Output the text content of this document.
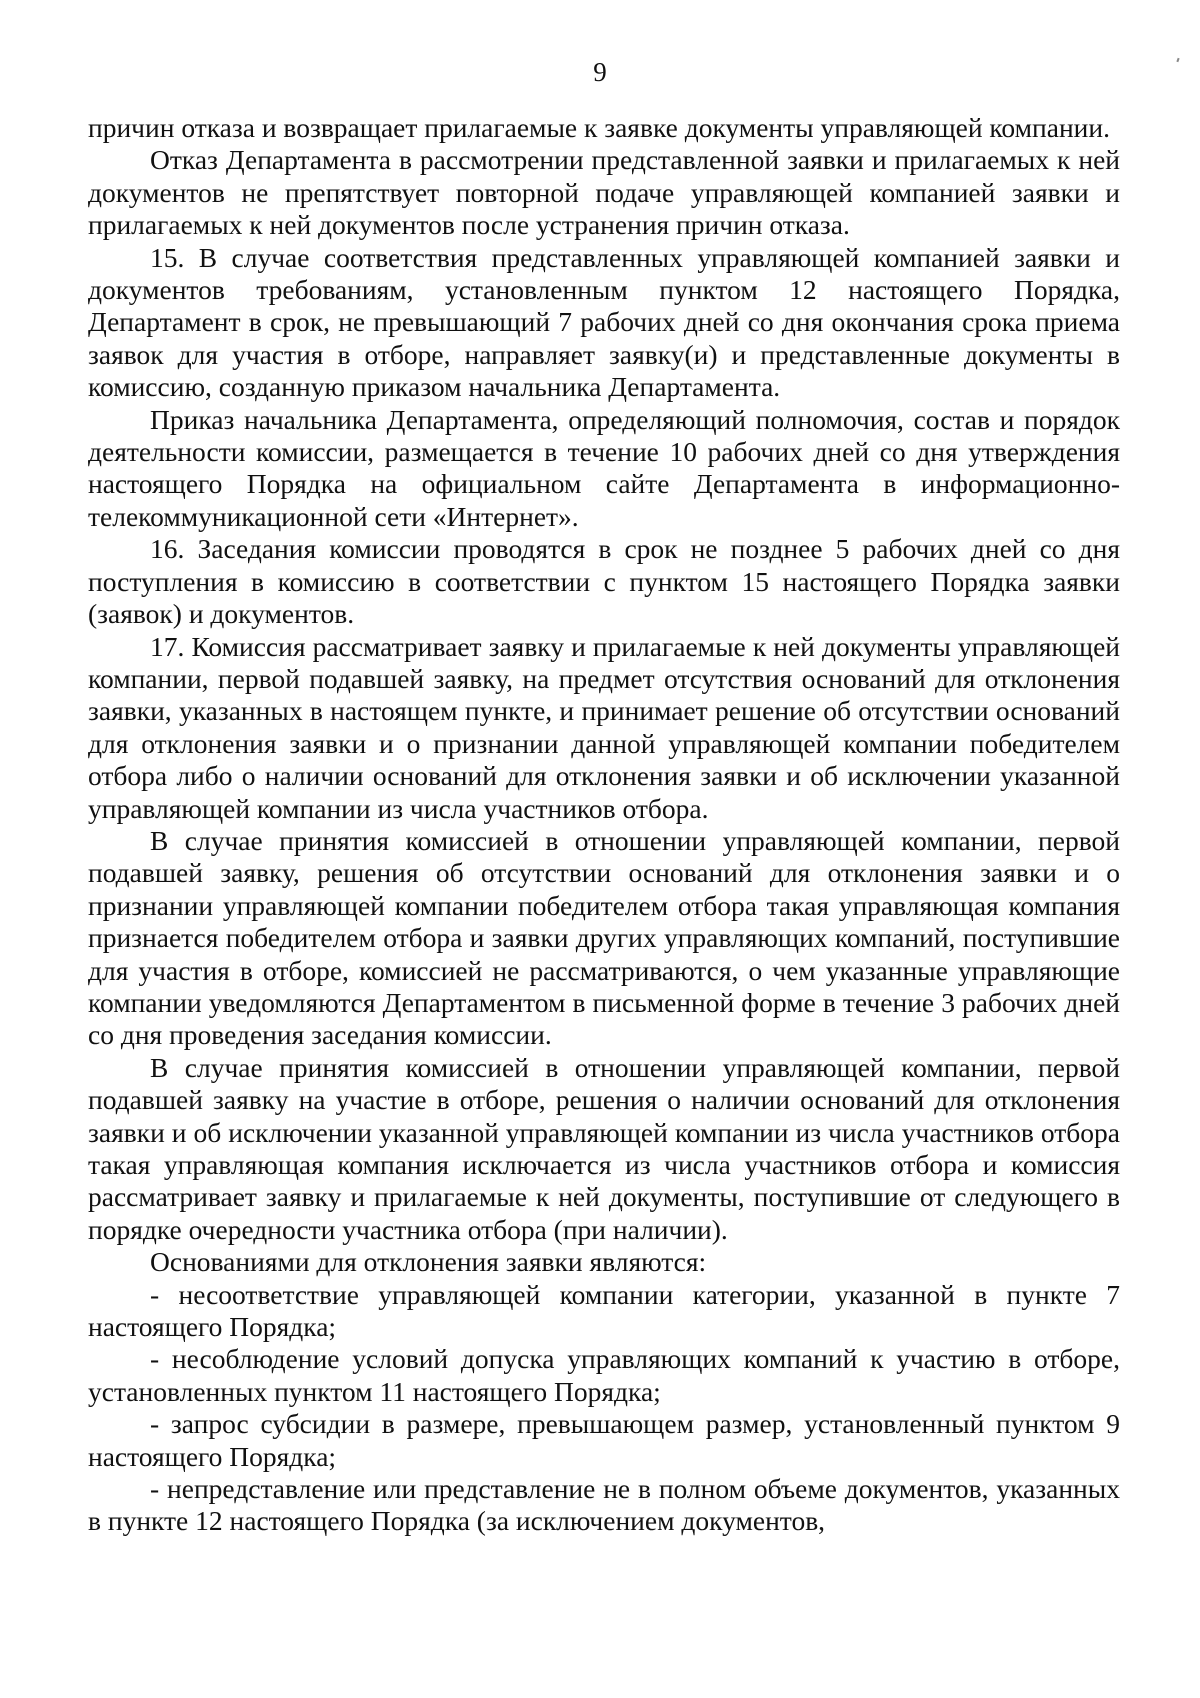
9

причин отказа и возвращает прилагаемые к заявке документы управляющей компании.

Отказ Департамента в рассмотрении представленной заявки и прилагаемых к ней документов не препятствует повторной подаче управляющей компанией заявки и прилагаемых к ней документов после устранения причин отказа.

15. В случае соответствия представленных управляющей компанией заявки и документов требованиям, установленным пунктом 12 настоящего Порядка, Департамент в срок, не превышающий 7 рабочих дней со дня окончания срока приема заявок для участия в отборе, направляет заявку(и) и представленные документы в комиссию, созданную приказом начальника Департамента.

Приказ начальника Департамента, определяющий полномочия, состав и порядок деятельности комиссии, размещается в течение 10 рабочих дней со дня утверждения настоящего Порядка на официальном сайте Департамента в информационно-телекоммуникационной сети «Интернет».

16. Заседания комиссии проводятся в срок не позднее 5 рабочих дней со дня поступления в комиссию в соответствии с пунктом 15 настоящего Порядка заявки (заявок) и документов.

17. Комиссия рассматривает заявку и прилагаемые к ней документы управляющей компании, первой подавшей заявку, на предмет отсутствия оснований для отклонения заявки, указанных в настоящем пункте, и принимает решение об отсутствии оснований для отклонения заявки и о признании данной управляющей компании победителем отбора либо о наличии оснований для отклонения заявки и об исключении указанной управляющей компании из числа участников отбора.

В случае принятия комиссией в отношении управляющей компании, первой подавшей заявку, решения об отсутствии оснований для отклонения заявки и о признании управляющей компании победителем отбора такая управляющая компания признается победителем отбора и заявки других управляющих компаний, поступившие для участия в отборе, комиссией не рассматриваются, о чем указанные управляющие компании уведомляются Департаментом в письменной форме в течение 3 рабочих дней со дня проведения заседания комиссии.

В случае принятия комиссией в отношении управляющей компании, первой подавшей заявку на участие в отборе, решения о наличии оснований для отклонения заявки и об исключении указанной управляющей компании из числа участников отбора такая управляющая компания исключается из числа участников отбора и комиссия рассматривает заявку и прилагаемые к ней документы, поступившие от следующего в порядке очередности участника отбора (при наличии).

Основаниями для отклонения заявки являются:

- несоответствие управляющей компании категории, указанной в пункте 7 настоящего Порядка;

- несоблюдение условий допуска управляющих компаний к участию в отборе, установленных пунктом 11 настоящего Порядка;

- запрос субсидии в размере, превышающем размер, установленный пунктом 9 настоящего Порядка;

- непредставление или представление не в полном объеме документов, указанных в пункте 12 настоящего Порядка (за исключением документов,
